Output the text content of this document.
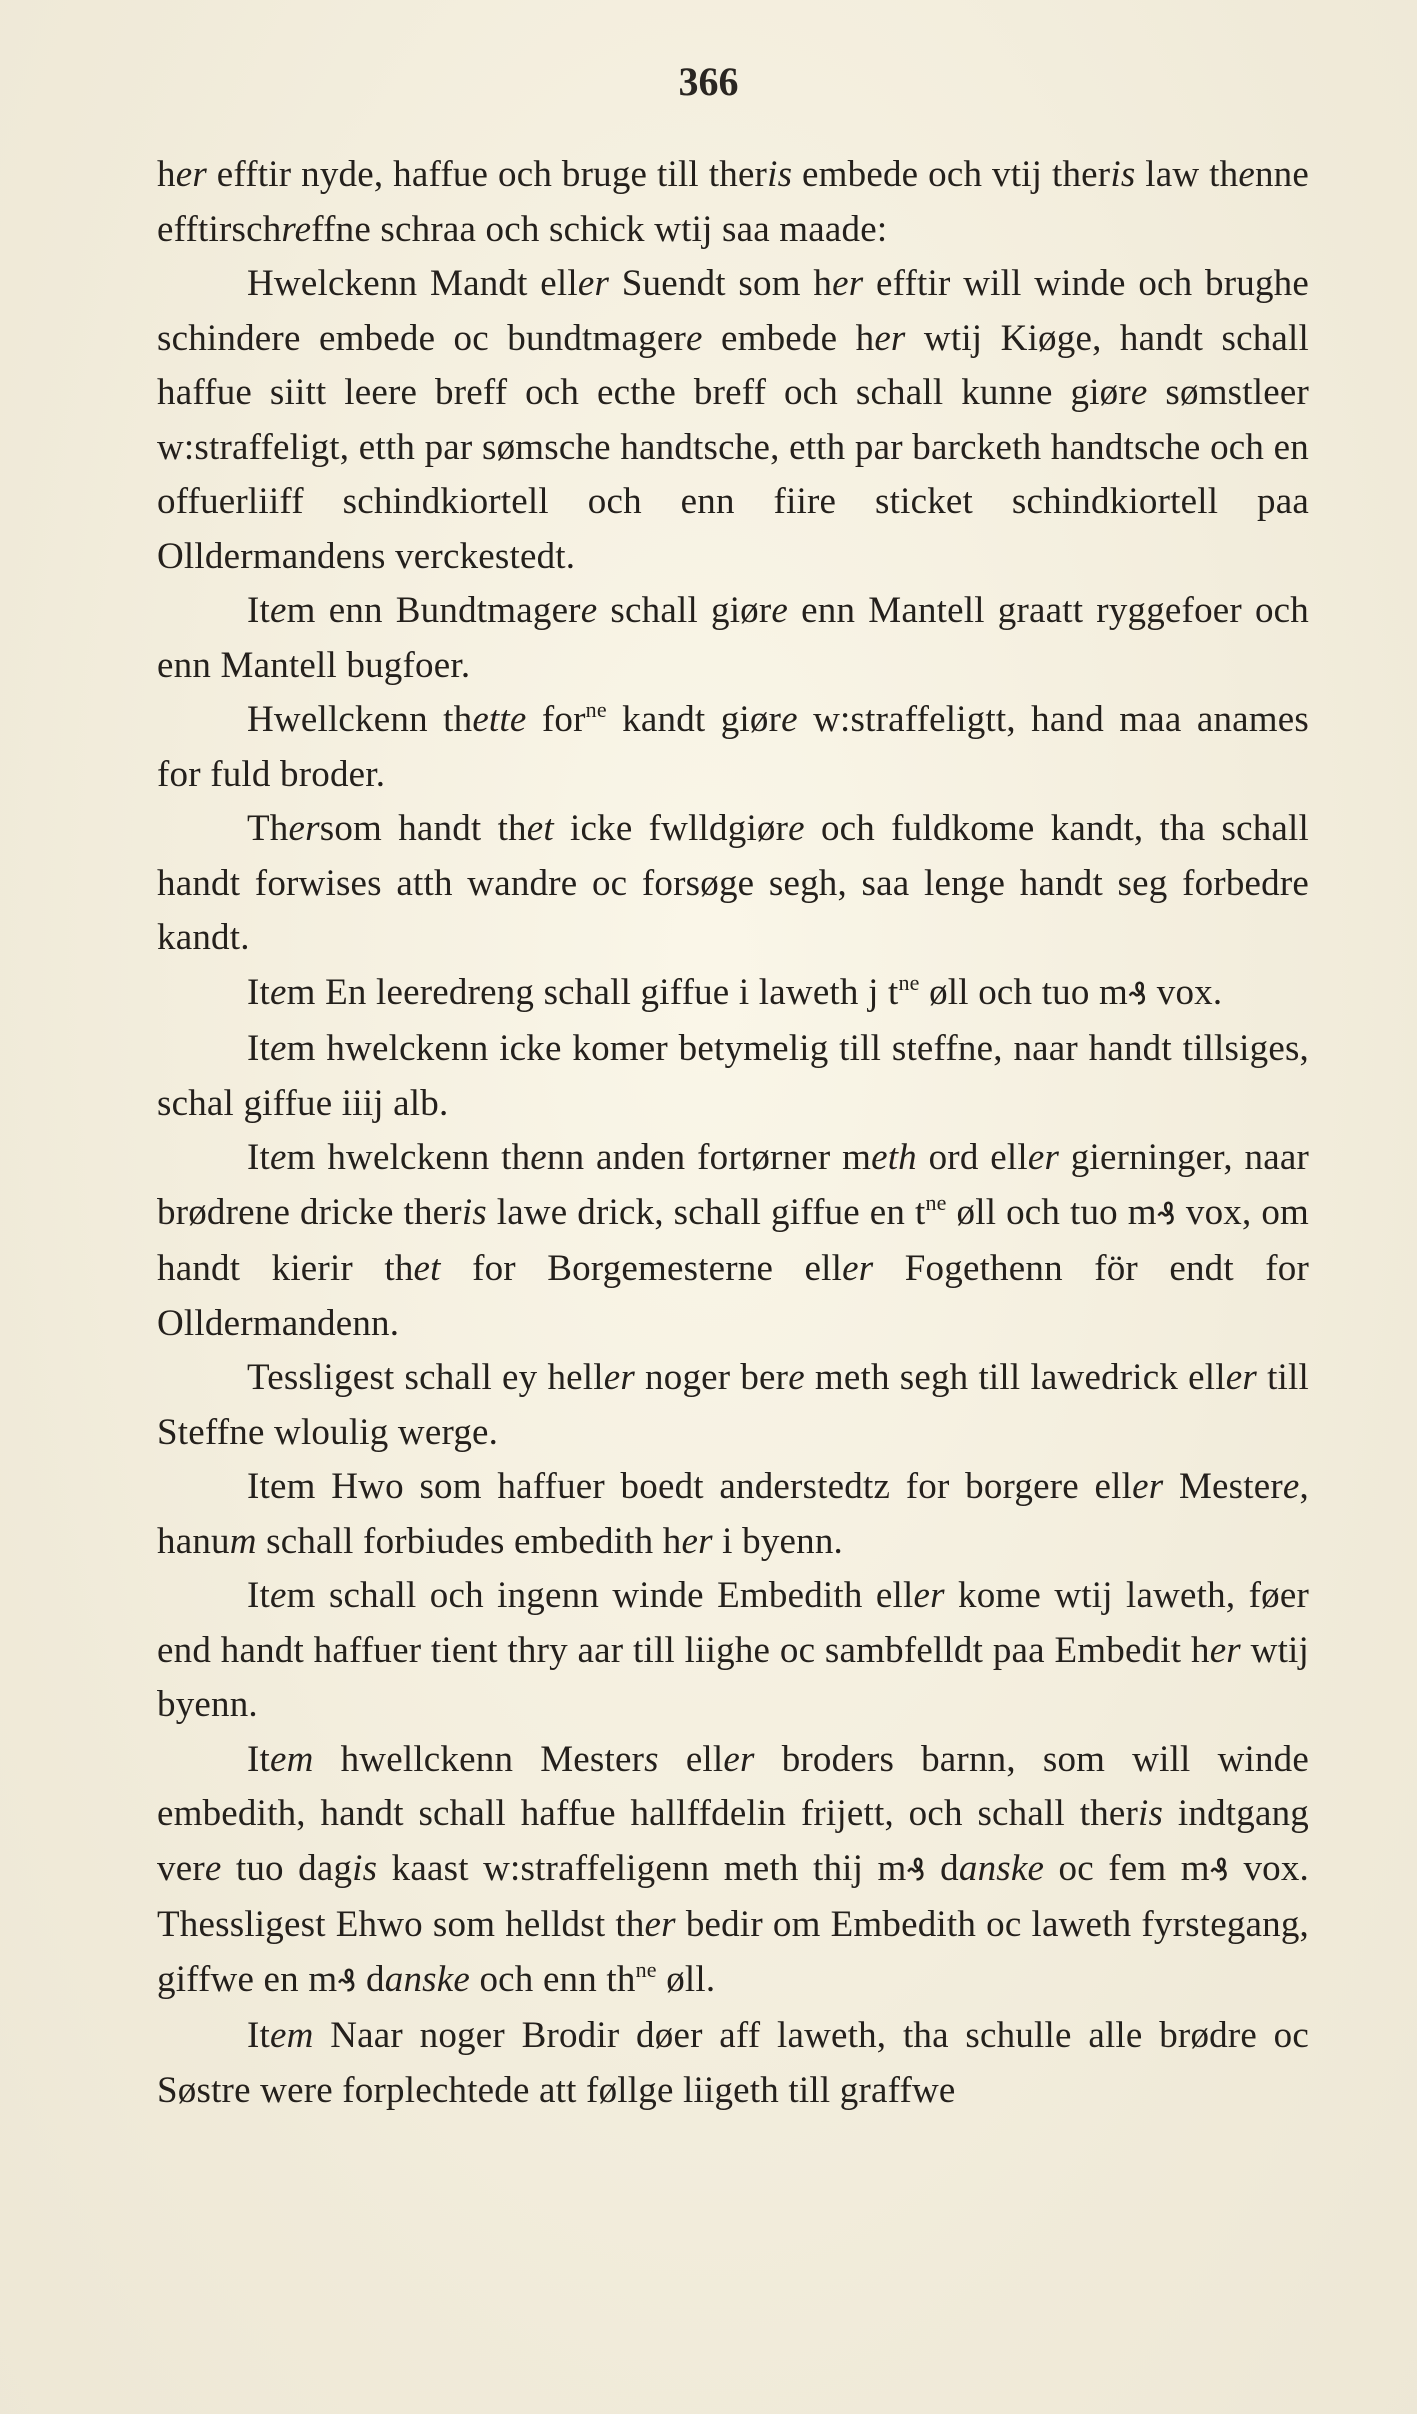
366

her efftir nyde, haffue och bruge till theris embede och vtij theris law thenne efftirschreffne schraa och schick wtij saa maade:

Hwelckenn Mandt eller Suendt som her efftir will winde och brughe schindere embede oc bundtmagere embede her wtij Kiøge, handt schall haffue siitt leere breff och ecthe breff och schall kunne giøre sømstleer w:straffeligt, etth par sømsche handtsche, etth par barcketh handtsche och en offuerliiff schindkiortell och enn fiire sticket schindkiortell paa Olldermandens verckestedt.

Item enn Bundtmagere schall giøre enn Mantell graatt ryggefoer och enn Mantell bugfoer.

Hwellckenn thette for$^{ne}$ kandt giøre w:straffeligtt, hand maa anames for fuld broder.

Thersom handt thet icke fwlldgiøre och fuldkome kandt, tha schall handt forwises atth wandre oc forsøge segh, saa lenge handt seg forbedre kandt.

Item En leeredreng schall giffue i laweth j $t^{ne}$ øll och tuo m₰ vox.

Item hwelckenn icke komer betymelig till steffne, naar handt tillsiges, schal giffue iiij alb.

Item hwelckenn thenn anden fortørner meth ord eller gierninger, naar brødrene dricke theris lawe drick, schall giffue en $t^{ne}$ øll och tuo m₰ vox, om handt kierir thet for Borgemesterne eller Fogethenn för endt for Olldermandenn.

Tessligest schall ey heller noger bere meth segh till lawedrick eller till Steffne wloulig werge.

Item Hwo som haffuer boedt anderstedtz for borgere eller Mestere, hanum schall forbiudes embedith her i byenn.

Item schall och ingenn winde Embedith eller kome wtij laweth, føer end handt haffuer tient thry aar till liighe oc sambfelldt paa Embedit her wtij byenn.

Item hwellckenn Mesters eller broders barnn, som will winde embedith, handt schall haffue hallffdelin frijett, och schall theris indtgang vere tuo dagis kaast w:straffeligenn meth thij m₰ danske oc fem m₰ vox. Thessligest Ehwo som helldst ther bedir om Embedith oc laweth fyrstegang, giffwe en m₰ danske och enn $th^{ne}$ øll.

Item Naar noger Brodir døer aff laweth, tha schulle alle brødre oc Søstre were forplechtede att føllge liigeth till graffwe
